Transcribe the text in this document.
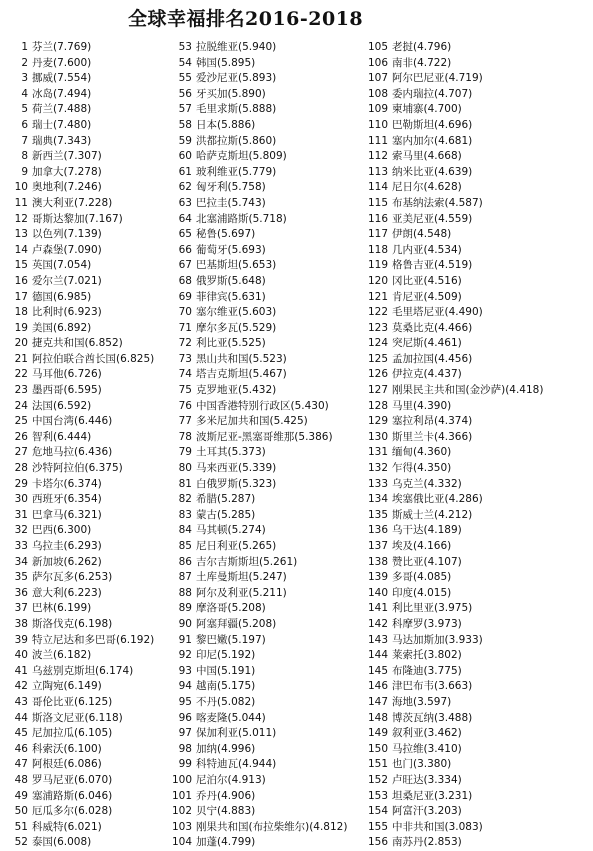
全球幸福排名2016-2018
1 芬兰(7.769)
2 丹麦(7.600)
3 挪威(7.554)
4 冰岛(7.494)
5 荷兰(7.488)
6 瑞士(7.480)
7 瑞典(7.343)
8 新西兰(7.307)
9 加拿大(7.278)
10 奥地利(7.246)
11 澳大利亚(7.228)
12 哥斯达黎加(7.167)
13 以色列(7.139)
14 卢森堡(7.090)
15 英国(7.054)
16 爱尔兰(7.021)
17 德国(6.985)
18 比利时(6.923)
19 美国(6.892)
20 捷克共和国(6.852)
21 阿拉伯联合酋长国(6.825)
22 马耳他(6.726)
23 墨西哥(6.595)
24 法国(6.592)
25 中国台湾(6.446)
26 智利(6.444)
27 危地马拉(6.436)
28 沙特阿拉伯(6.375)
29 卡塔尔(6.374)
30 西班牙(6.354)
31 巴拿马(6.321)
32 巴西(6.300)
33 乌拉圭(6.293)
34 新加坡(6.262)
35 萨尔瓦多(6.253)
36 意大利(6.223)
37 巴林(6.199)
38 斯洛伐克(6.198)
39 特立尼达和多巴哥(6.192)
40 波兰(6.182)
41 乌兹别克斯坦(6.174)
42 立陶宛(6.149)
43 哥伦比亚(6.125)
44 斯洛文尼亚(6.118)
45 尼加拉瓜(6.105)
46 科索沃(6.100)
47 阿根廷(6.086)
48 罗马尼亚(6.070)
49 塞浦路斯(6.046)
50 厄瓜多尔(6.028)
51 科威特(6.021)
52 泰国(6.008)
53 拉脱维亚(5.940)
54 韩国(5.895)
55 爱沙尼亚(5.893)
56 牙买加(5.890)
57 毛里求斯(5.888)
58 日本(5.886)
59 洪都拉斯(5.860)
60 哈萨克斯坦(5.809)
61 玻利维亚(5.779)
62 匈牙利(5.758)
63 巴拉圭(5.743)
64 北塞浦路斯(5.718)
65 秘鲁(5.697)
66 葡萄牙(5.693)
67 巴基斯坦(5.653)
68 俄罗斯(5.648)
69 菲律宾(5.631)
70 塞尔维亚(5.603)
71 摩尔多瓦(5.529)
72 利比亚(5.525)
73 黑山共和国(5.523)
74 塔吉克斯坦(5.467)
75 克罗地亚(5.432)
76 中国香港特别行政区(5.430)
77 多米尼加共和国(5.425)
78 波斯尼亚-黑塞哥维那(5.386)
79 土耳其(5.373)
80 马来西亚(5.339)
81 白俄罗斯(5.323)
82 希腊(5.287)
83 蒙古(5.285)
84 马其顿(5.274)
85 尼日利亚(5.265)
86 吉尔吉斯斯坦(5.261)
87 土库曼斯坦(5.247)
88 阿尔及利亚(5.211)
89 摩洛哥(5.208)
90 阿塞拜疆(5.208)
91 黎巴嫩(5.197)
92 印尼(5.192)
93 中国(5.191)
94 越南(5.175)
95 不丹(5.082)
96 喀麦隆(5.044)
97 保加利亚(5.011)
98 加纳(4.996)
99 科特迪瓦(4.944)
100 尼泊尔(4.913)
101 乔丹(4.906)
102 贝宁(4.883)
103 刚果共和国(布拉柴维尔)(4.812)
104 加蓬(4.799)
105 老挝(4.796)
106 南非(4.722)
107 阿尔巴尼亚(4.719)
108 委内瑞拉(4.707)
109 柬埔寨(4.700)
110 巴勒斯坦(4.696)
111 塞内加尔(4.681)
112 索马里(4.668)
113 纳米比亚(4.639)
114 尼日尔(4.628)
115 布基纳法索(4.587)
116 亚美尼亚(4.559)
117 伊朗(4.548)
118 几内亚(4.534)
119 格鲁吉亚(4.519)
120 冈比亚(4.516)
121 肯尼亚(4.509)
122 毛里塔尼亚(4.490)
123 莫桑比克(4.466)
124 突尼斯(4.461)
125 孟加拉国(4.456)
126 伊拉克(4.437)
127 刚果民主共和国(金沙萨)(4.418)
128 马里(4.390)
129 塞拉利昂(4.374)
130 斯里兰卡(4.366)
131 缅甸(4.360)
132 乍得(4.350)
133 乌克兰(4.332)
134 埃塞俄比亚(4.286)
135 斯威士兰(4.212)
136 乌干达(4.189)
137 埃及(4.166)
138 赞比亚(4.107)
139 多哥(4.085)
140 印度(4.015)
141 利比里亚(3.975)
142 科摩罗(3.973)
143 马达加斯加(3.933)
144 莱索托(3.802)
145 布隆迪(3.775)
146 津巴布韦(3.663)
147 海地(3.597)
148 博茨瓦纳(3.488)
149 叙利亚(3.462)
150 马拉维(3.410)
151 也门(3.380)
152 卢旺达(3.334)
153 坦桑尼亚(3.231)
154 阿富汗(3.203)
155 中非共和国(3.083)
156 南苏丹(2.853)
